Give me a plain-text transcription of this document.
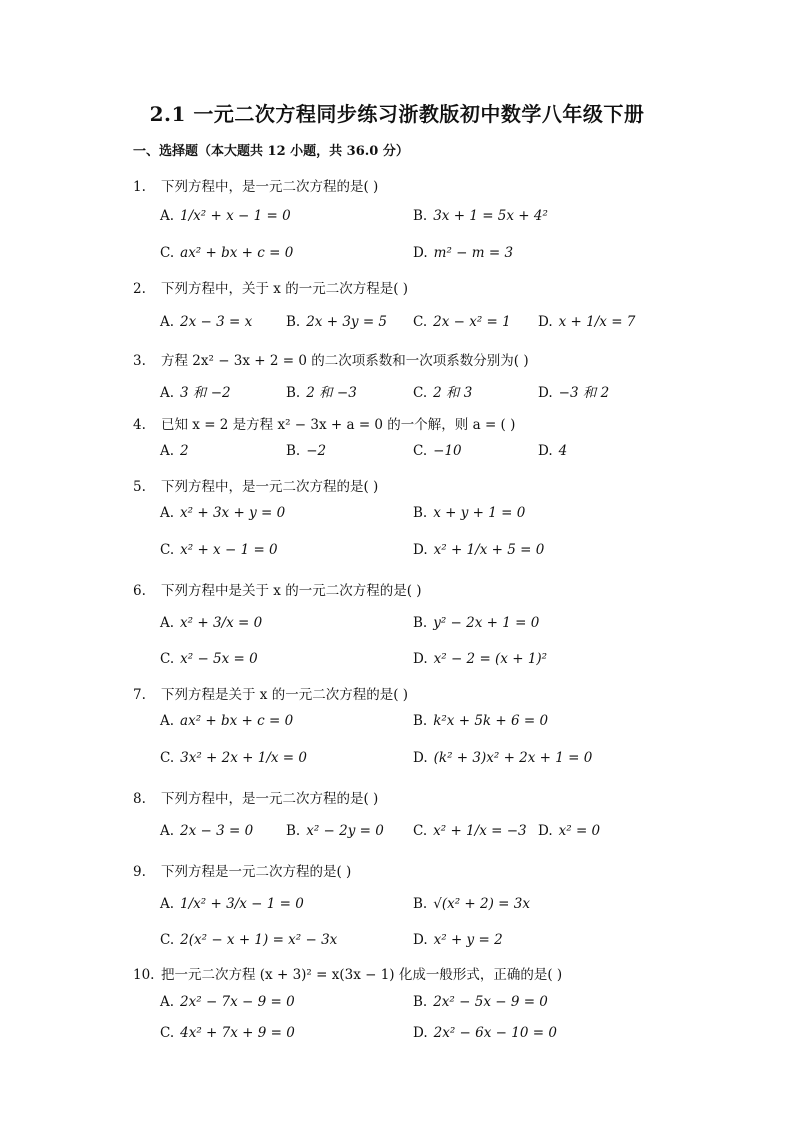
2.1 一元二次方程同步练习浙教版初中数学八年级下册
一、选择题（本大题共 12 小题，共 36.0 分）
1. 下列方程中，是一元二次方程的是( )
A. 1/x² + x − 1 = 0	B. 3x + 1 = 5x + 4²
C. ax² + bx + c = 0	D. m² − m = 3
2. 下列方程中，关于 x 的一元二次方程是( )
A. 2x − 3 = x	B. 2x + 3y = 5 C. 2x − x² = 1 D. x + 1/x = 7
3. 方程 2x² − 3x + 2 = 0 的二次项系数和一次项系数分别为( )
A. 3 和 −2	B. 2 和 −3	C. 2 和 3	D. −3 和 2
4. 已知 x = 2 是方程 x² − 3x + a = 0 的一个解，则 a = ( )
A. 2	B. −2	C. −10	D. 4
5. 下列方程中，是一元二次方程的是( )
A. x² + 3x + y = 0	B. x + y + 1 = 0
C. x² + x − 1 = 0	D. x² + 1/x + 5 = 0
6. 下列方程中是关于 x 的一元二次方程的是( )
A. x² + 3/x = 0	B. y² − 2x + 1 = 0
C. x² − 5x = 0	D. x² − 2 = (x + 1)²
7. 下列方程是关于 x 的一元二次方程的是( )
A. ax² + bx + c = 0	B. k²x + 5k + 6 = 0
C. 3x² + 2x + 1/x = 0	D. (k² + 3)x² + 2x + 1 = 0
8. 下列方程中，是一元二次方程的是( )
A. 2x − 3 = 0 B. x² − 2y = 0 C. x² + 1/x = −3 D. x² = 0
9. 下列方程是一元二次方程的是( )
A. 1/x² + 3/x − 1 = 0	B. √(x² + 2) = 3x
C. 2(x² − x + 1) = x² − 3x	D. x² + y = 2
10. 把一元二次方程 (x + 3)² = x(3x − 1) 化成一般形式，正确的是( )
A. 2x² − 7x − 9 = 0	B. 2x² − 5x − 9 = 0
C. 4x² + 7x + 9 = 0	D. 2x² − 6x − 10 = 0
